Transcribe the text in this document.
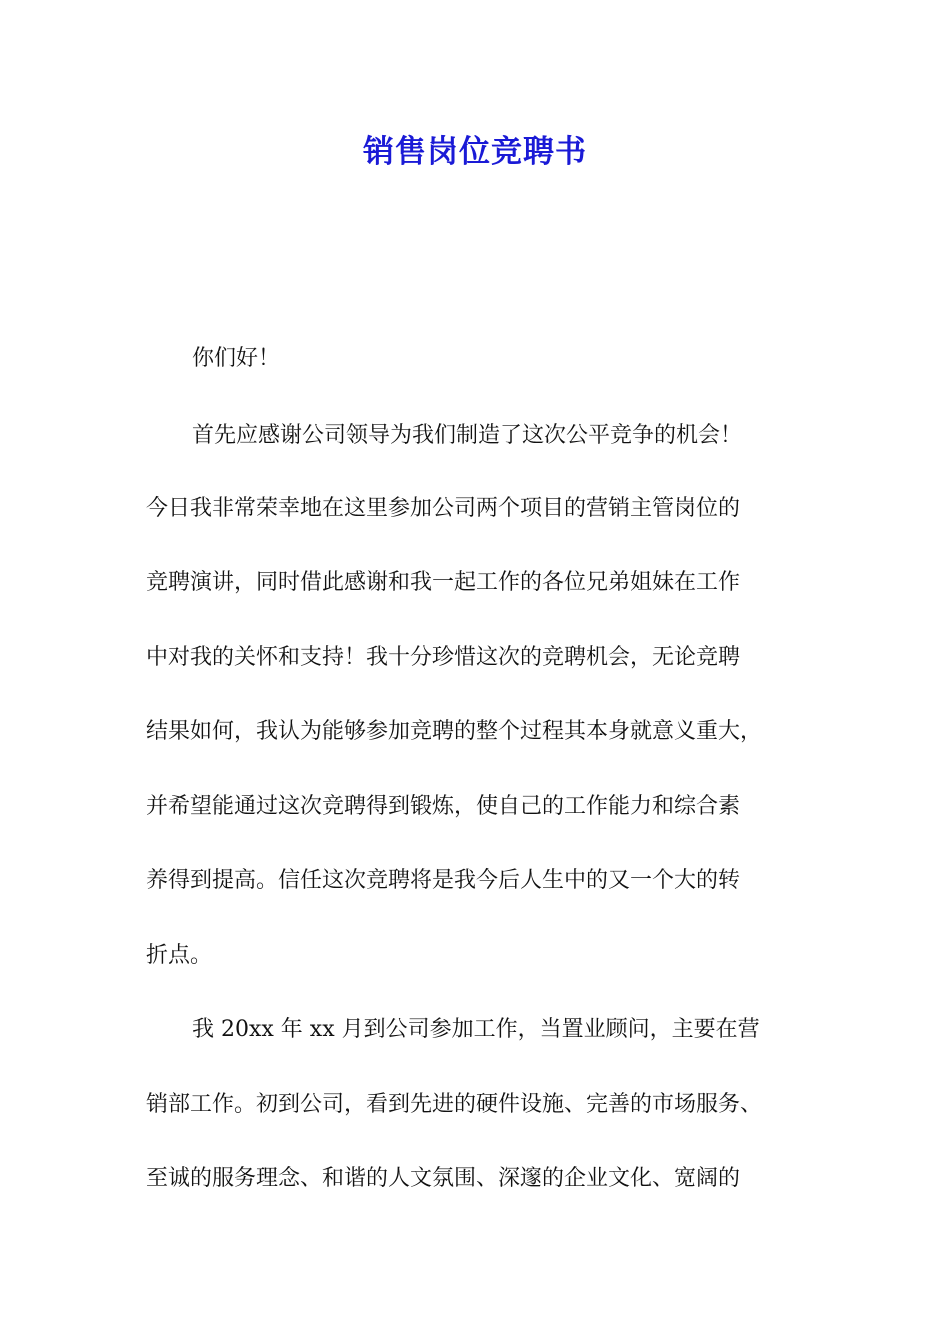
销售岗位竞聘书
你们好！
首先应感谢公司领导为我们制造了这次公平竞争的机会！
今日我非常荣幸地在这里参加公司两个项目的营销主管岗位的
竞聘演讲，同时借此感谢和我一起工作的各位兄弟姐妹在工作
中对我的关怀和支持！我十分珍惜这次的竞聘机会，无论竞聘
结果如何，我认为能够参加竞聘的整个过程其本身就意义重大，
并希望能通过这次竞聘得到锻炼，使自己的工作能力和综合素
养得到提高。信任这次竞聘将是我今后人生中的又一个大的转
折点。
我 20xx 年 xx 月到公司参加工作，当置业顾问，主要在营
销部工作。初到公司，看到先进的硬件设施、完善的市场服务、
至诚的服务理念、和谐的人文氛围、深邃的企业文化、宽阔的
